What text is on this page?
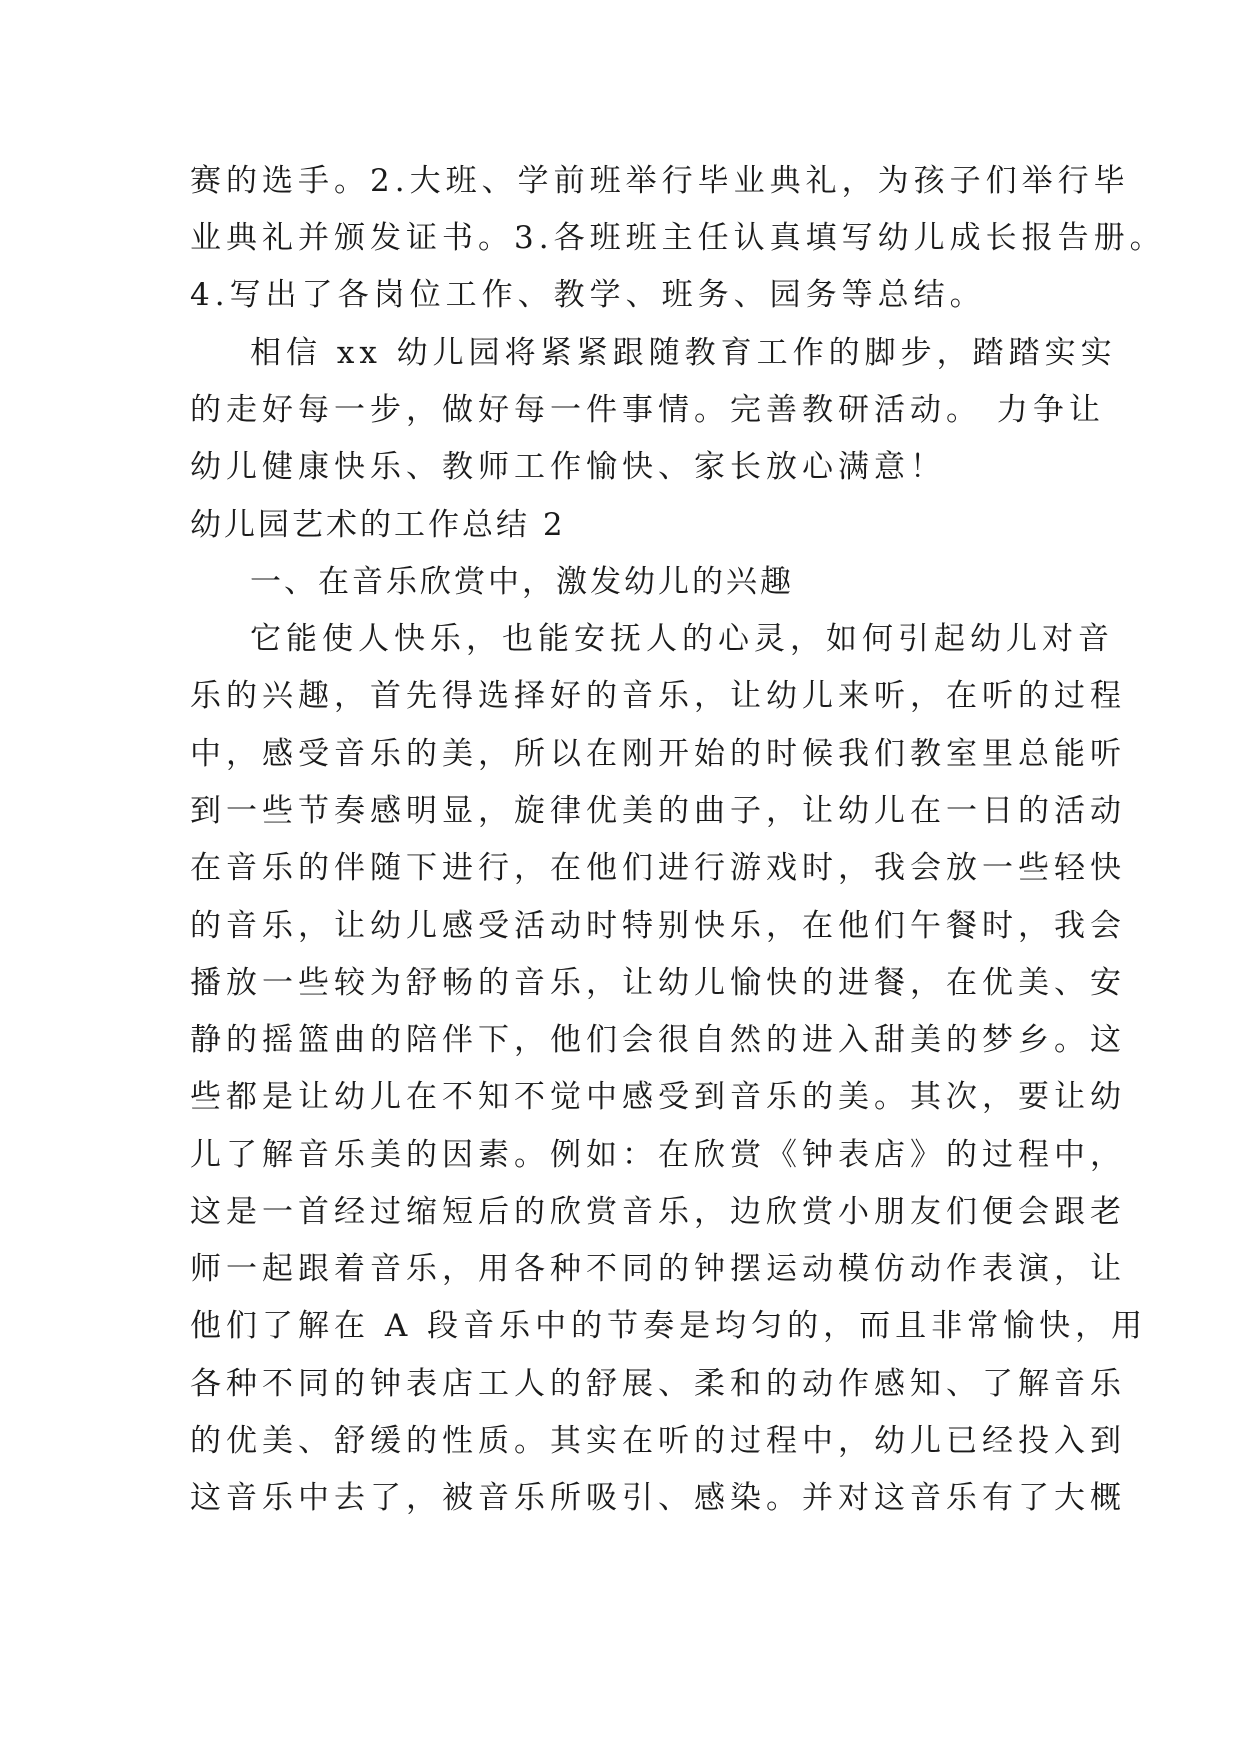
赛的选手。2.大班、学前班举行毕业典礼，为孩子们举行毕

业典礼并颁发证书。3.各班班主任认真填写幼儿成长报告册。

4.写出了各岗位工作、教学、班务、园务等总结。

相信 xx 幼儿园将紧紧跟随教育工作的脚步，踏踏实实

的走好每一步，做好每一件事情。完善教研活动。 力争让

幼儿健康快乐、教师工作愉快、家长放心满意！

幼儿园艺术的工作总结 2

一、在音乐欣赏中，激发幼儿的兴趣

它能使人快乐，也能安抚人的心灵，如何引起幼儿对音

乐的兴趣，首先得选择好的音乐，让幼儿来听，在听的过程

中，感受音乐的美，所以在刚开始的时候我们教室里总能听

到一些节奏感明显，旋律优美的曲子，让幼儿在一日的活动

在音乐的伴随下进行，在他们进行游戏时，我会放一些轻快

的音乐，让幼儿感受活动时特别快乐，在他们午餐时，我会

播放一些较为舒畅的音乐，让幼儿愉快的进餐，在优美、安

静的摇篮曲的陪伴下，他们会很自然的进入甜美的梦乡。这

些都是让幼儿在不知不觉中感受到音乐的美。其次，要让幼

儿了解音乐美的因素。例如：在欣赏《钟表店》的过程中，

这是一首经过缩短后的欣赏音乐，边欣赏小朋友们便会跟老

师一起跟着音乐，用各种不同的钟摆运动模仿动作表演，让

他们了解在 A 段音乐中的节奏是均匀的，而且非常愉快，用

各种不同的钟表店工人的舒展、柔和的动作感知、了解音乐

的优美、舒缓的性质。其实在听的过程中，幼儿已经投入到

这音乐中去了，被音乐所吸引、感染。并对这音乐有了大概
